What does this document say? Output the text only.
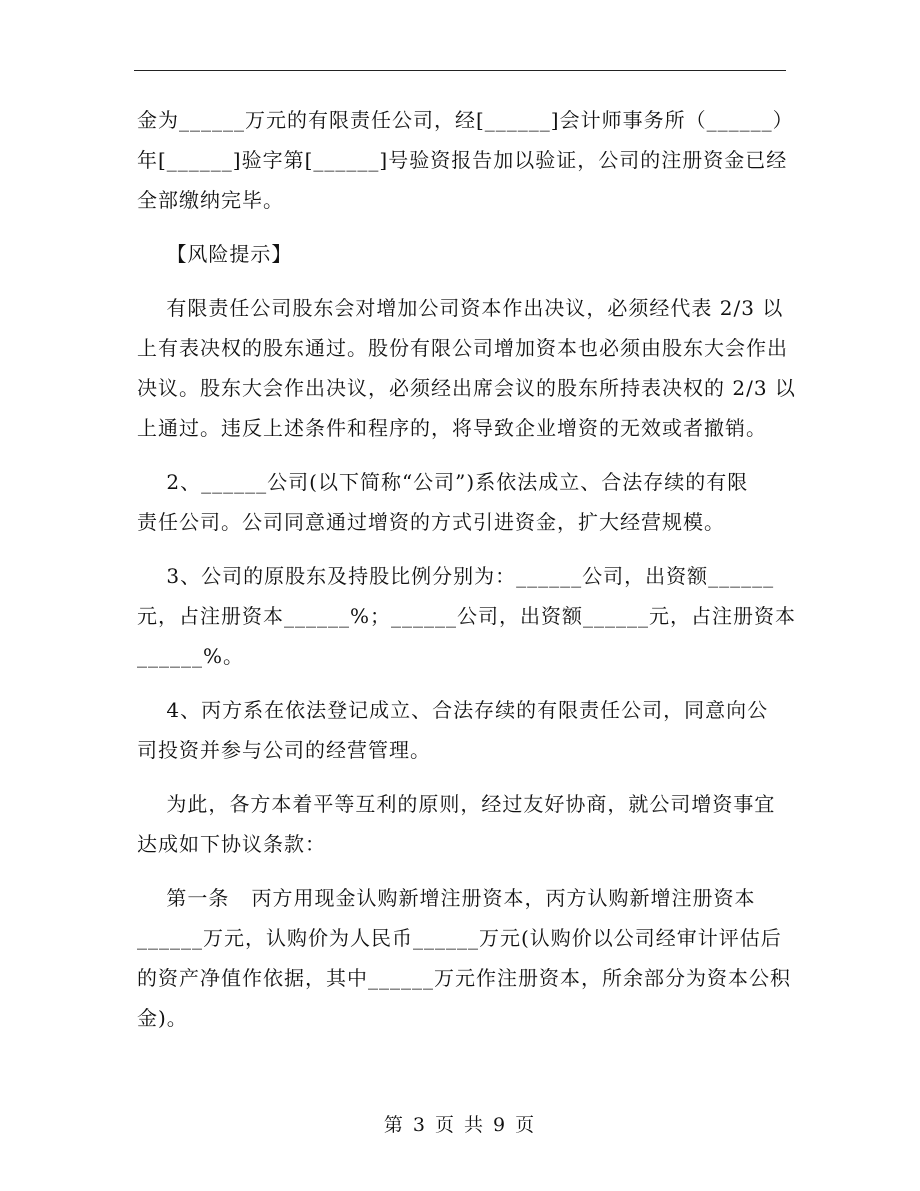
金为______万元的有限责任公司，经[______]会计师事务所（______）
年[______]验字第[______]号验资报告加以验证，公司的注册资金已经
全部缴纳完毕。
【风险提示】
有限责任公司股东会对增加公司资本作出决议，必须经代表 2/3 以
上有表决权的股东通过。股份有限公司增加资本也必须由股东大会作出
决议。股东大会作出决议，必须经出席会议的股东所持表决权的 2/3 以
上通过。违反上述条件和程序的，将导致企业增资的无效或者撤销。
2、______公司(以下简称“公司”)系依法成立、合法存续的有限
责任公司。公司同意通过增资的方式引进资金，扩大经营规模。
3、公司的原股东及持股比例分别为：______公司，出资额______
元，占注册资本______%；______公司，出资额______元，占注册资本
______%。
4、丙方系在依法登记成立、合法存续的有限责任公司，同意向公
司投资并参与公司的经营管理。
为此，各方本着平等互利的原则，经过友好协商，就公司增资事宜
达成如下协议条款：
第一条   丙方用现金认购新增注册资本，丙方认购新增注册资本
______万元，认购价为人民币______万元(认购价以公司经审计评估后
的资产净值作依据，其中______万元作注册资本，所余部分为资本公积
金)。
第 3 页 共 9 页
